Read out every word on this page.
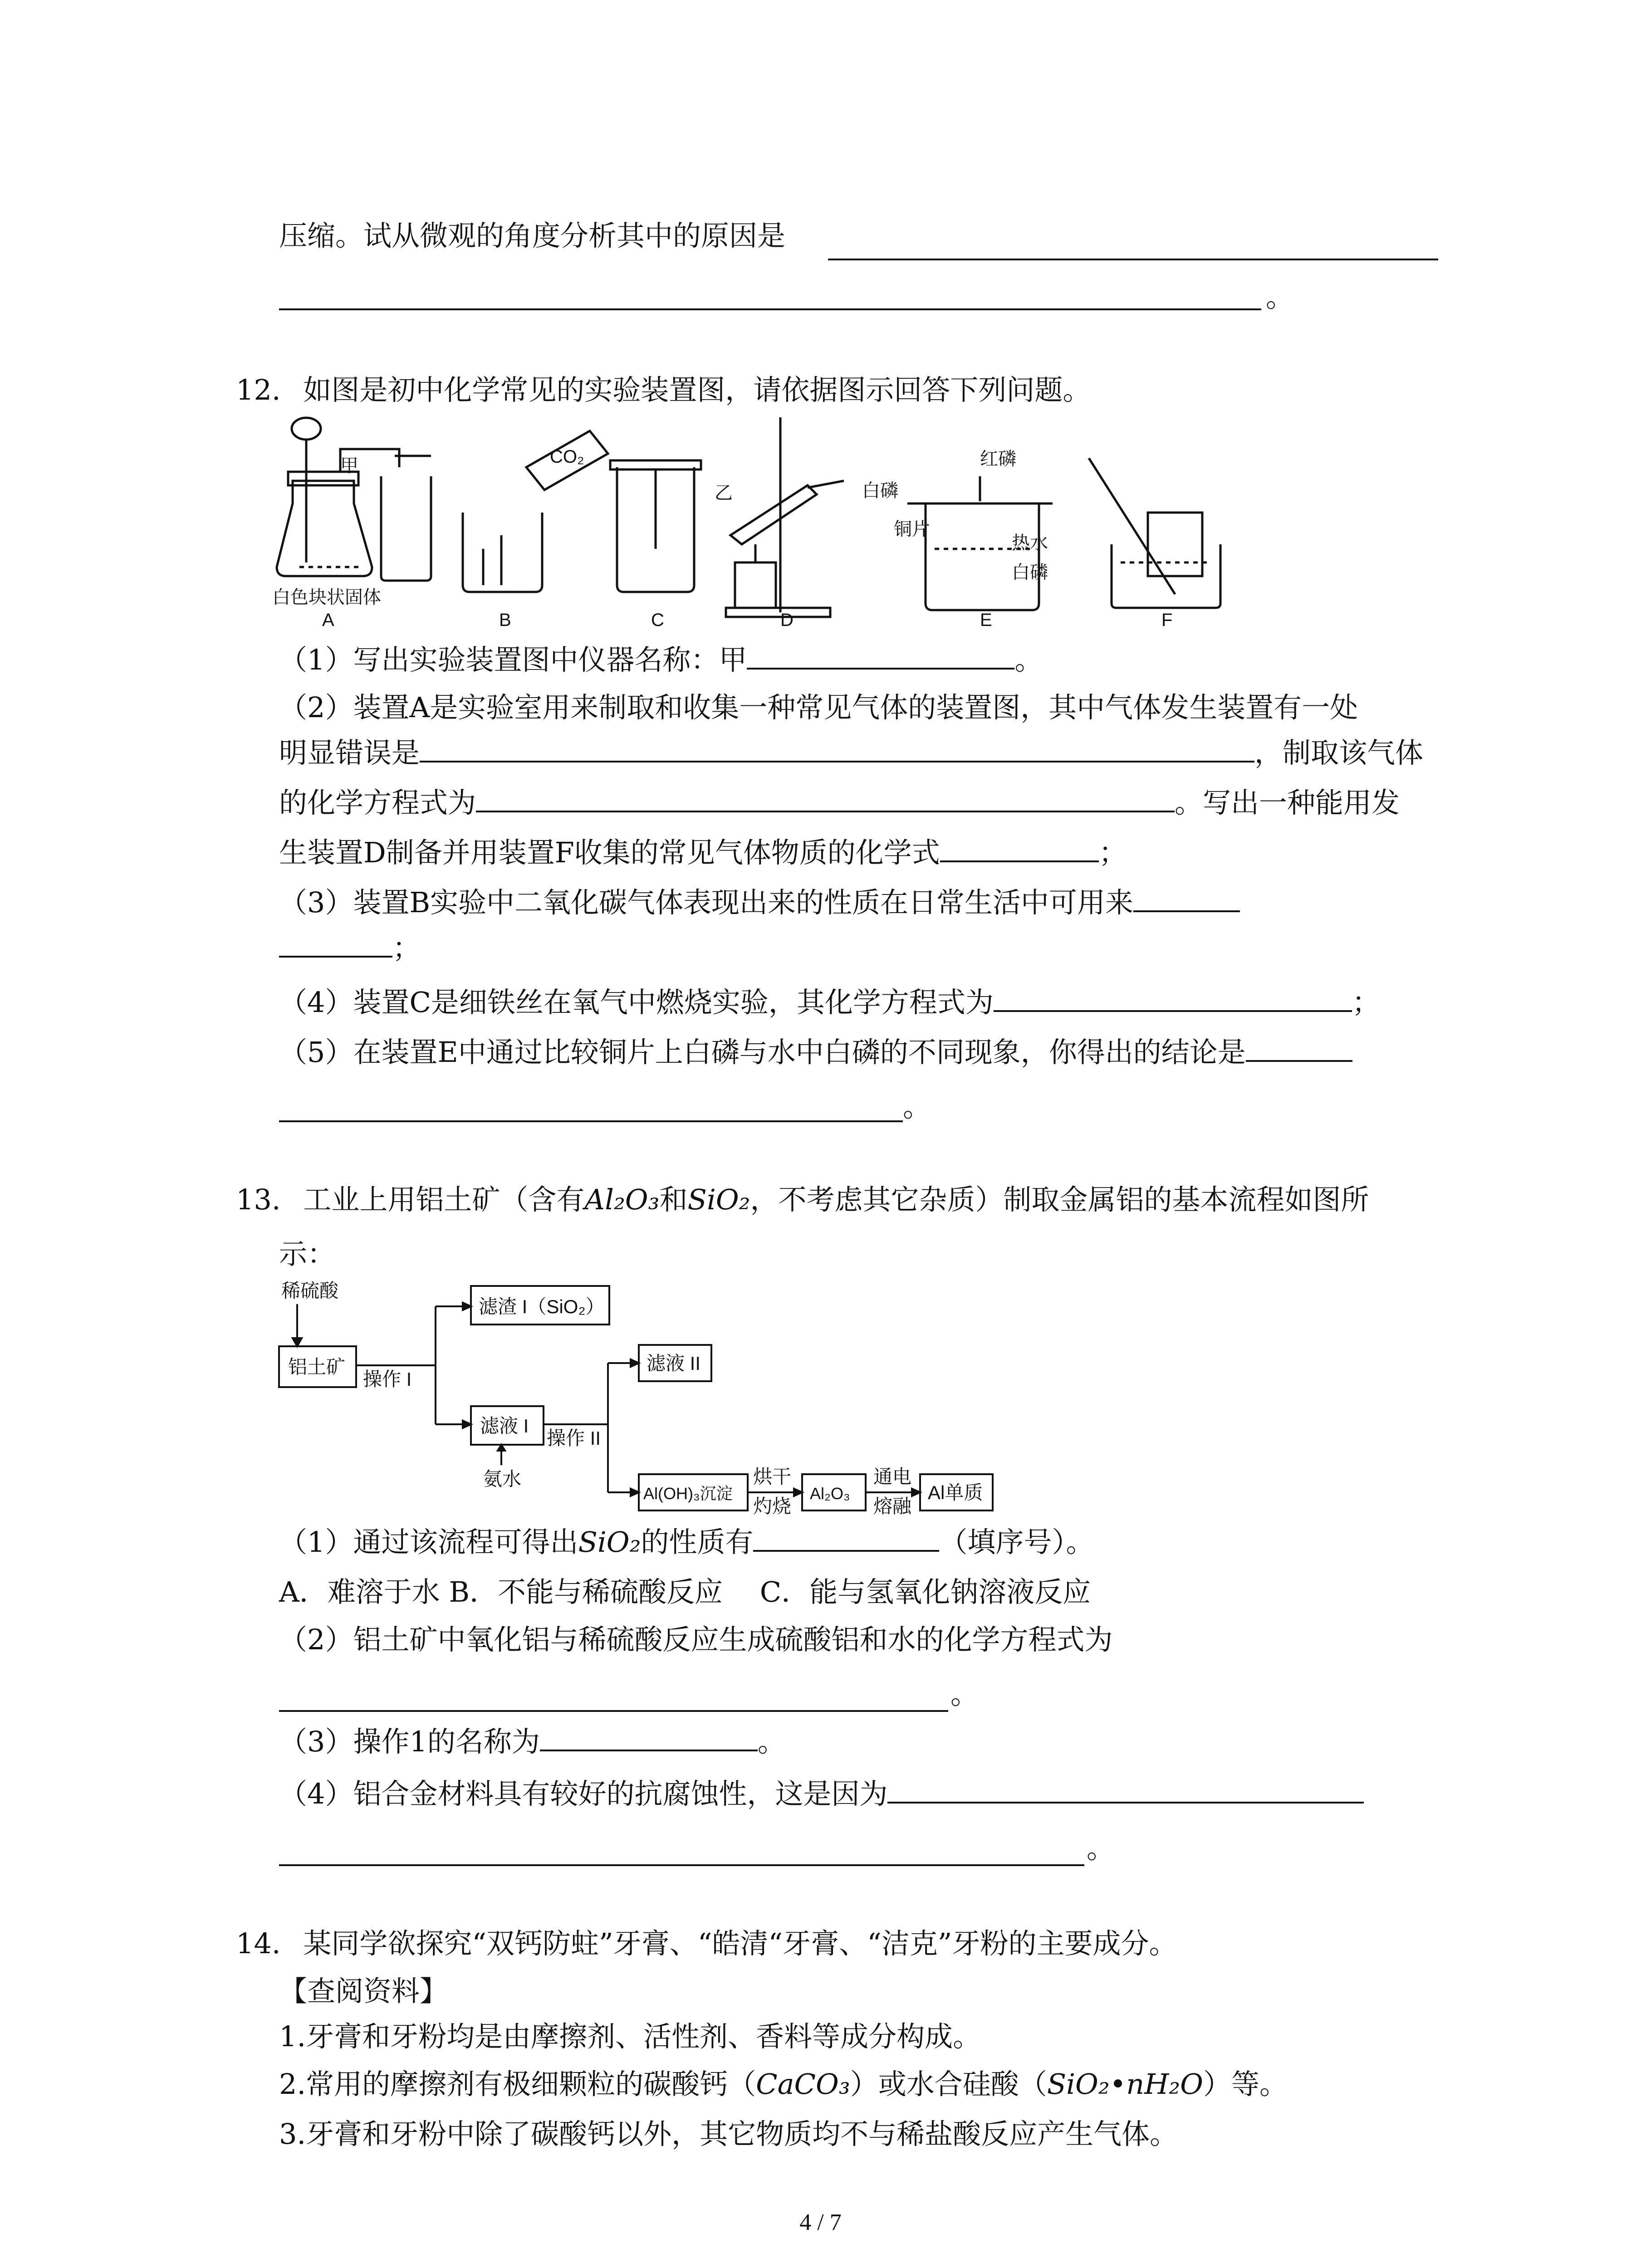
压缩。试从微观的角度分析其中的原因是
。
12. 如图是初中化学常见的实验装置图，请依据图示回答下列问题。
甲
白色块状固体
A
CO₂
B	C
乙
D
红磷
白磷
铜片
热水
白磷
E	F
（1）写出实验装置图中仪器名称：甲	。
（2）装置A是实验室用来制取和收集一种常见气体的装置图，其中气体发生装置有一处
明显错误是	，制取该气体
的化学方程式为	。写出一种能用发
生装置D制备并用装置F收集的常见气体物质的化学式	；
（3）装置B实验中二氧化碳气体表现出来的性质在日常生活中可用来
；
（4）装置C是细铁丝在氧气中燃烧实验，其化学方程式为	；
（5）在装置E中通过比较铜片上白磷与水中白磷的不同现象，你得出的结论是
。
13. 工业上用铝土矿（含有Al₂O₃和SiO₂，不考虑其它杂质）制取金属铝的基本流程如图所
示：
稀硫酸
铝土矿
操作 I
滤渣 I（SiO₂）
滤液 I
氨水
操作 II
滤液 II
Al(OH)₃沉淀
烘干
灼烧
Al₂O₃
通电
熔融
Al单质
（1）通过该流程可得出SiO₂的性质有	（填序号）。
A．难溶于水 B．不能与稀硫酸反应　 C．能与氢氧化钠溶液反应
（2）铝土矿中氧化铝与稀硫酸反应生成硫酸铝和水的化学方程式为
。
（3）操作1的名称为	。
（4）铝合金材料具有较好的抗腐蚀性，这是因为
。
14. 某同学欲探究“双钙防蛀”牙膏、“皓清“牙膏、“洁克”牙粉的主要成分。
【查阅资料】
1.牙膏和牙粉均是由摩擦剂、活性剂、香料等成分构成。
2.常用的摩擦剂有极细颗粒的碳酸钙（CaCO₃）或水合硅酸（SiO₂•nH₂O）等。
3.牙膏和牙粉中除了碳酸钙以外，其它物质均不与稀盐酸反应产生气体。
4 / 7
